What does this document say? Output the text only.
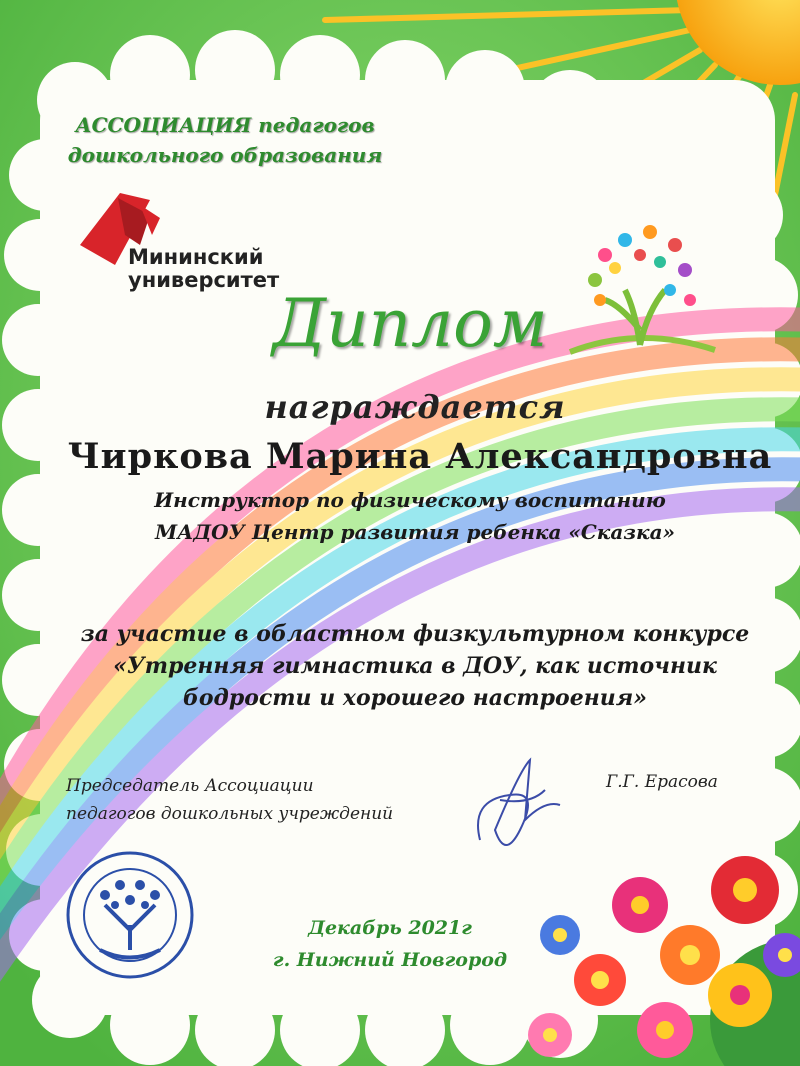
АССОЦИАЦИЯ педагогов
дошкольного образования
Мининский
университет
Диплом
награждается
Чиркова Марина Александровна
Инструктор по физическому воспитанию
МАДОУ Центр развития ребенка «Сказка»
за участие в областном физкультурном конкурсе
«Утренняя гимнастика в ДОУ, как источник
бодрости и хорошего настроения»
Председатель Ассоциации
педагогов дошкольных учреждений
Г.Г. Ерасова
Декабрь 2021г
г. Нижний Новгород
